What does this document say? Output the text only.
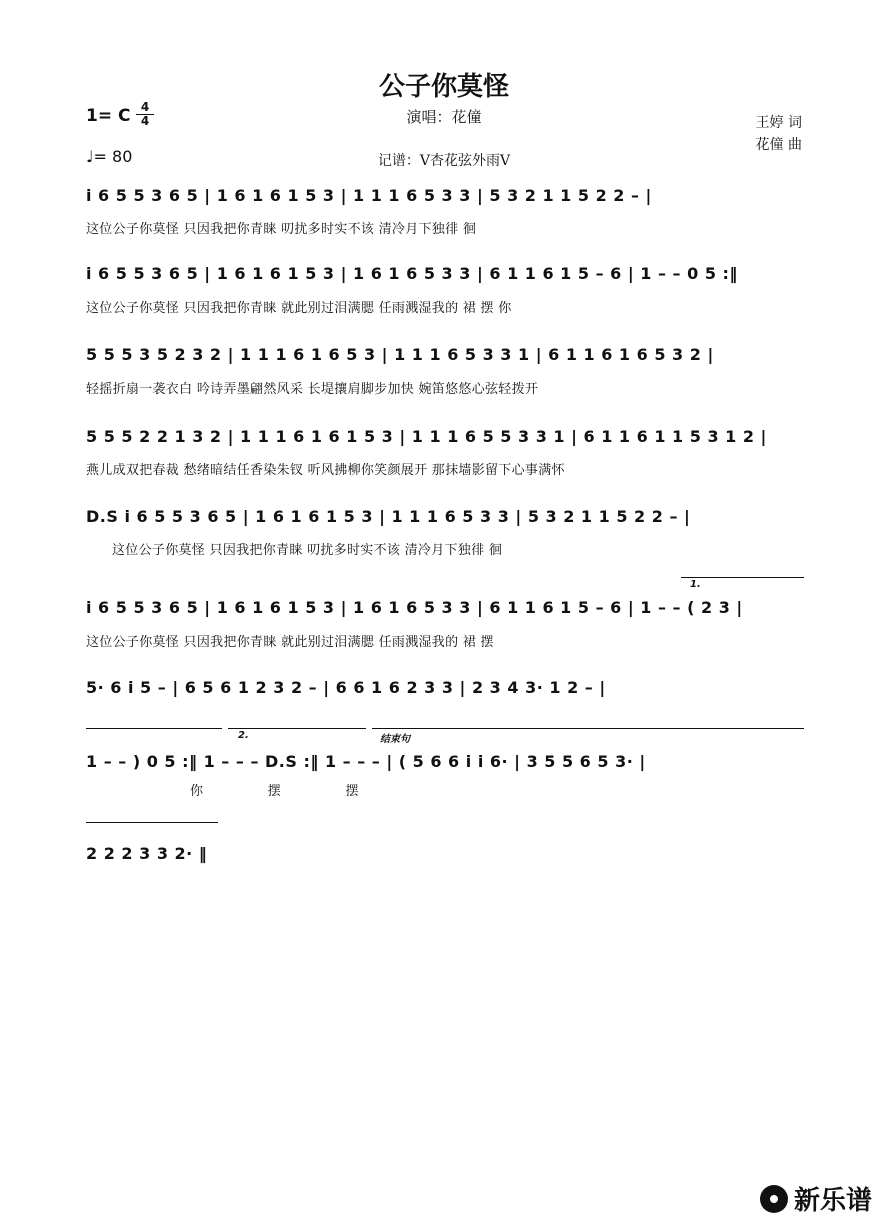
公子你莫怪
1= C 4
4
♩= 80
演唱：花僮
记谱：V杏花弦外雨V
王婷 词
花僮 曲
i 6 5 5 3 6 5 | 1 6 1 6 1 5 3 | 1 1 1 6 5 3 3 | 5 3 2 1 1 5 2 2 – |
这位公子你莫怪 只因我把你青睐 叨扰多时实不该 清冷月下独徘 徊
i 6 5 5 3 6 5 | 1 6 1 6 1 5 3 | 1 6 1 6 5 3 3 | 6 1 1 6 1 5 – 6 | 1 – – 0 5 :‖
这位公子你莫怪 只因我把你青睐 就此别过泪满腮 任雨溅湿我的 裙 摆 你
5 5 5 3 5 2 3 2 | 1 1 1 6 1 6 5 3 | 1 1 1 6 5 3 3 1 | 6 1 1 6 1 6 5 3 2 |
轻摇折扇一袭衣白 吟诗弄墨翩然风采 长堤攘肩脚步加快 婉笛悠悠心弦轻拨开
5 5 5 2 2 1 3 2 | 1 1 1 6 1 6 1 5 3 | 1 1 1 6 5 5 3 3 1 | 6 1 1 6 1 1 5 3 1 2 |
燕儿成双把春裁 愁绪暗结任香染朱钗 听风拂柳你笑颜展开 那抹墙影留下心事满怀
D.S i 6 5 5 3 6 5 | 1 6 1 6 1 5 3 | 1 1 1 6 5 3 3 | 5 3 2 1 1 5 2 2 – |
这位公子你莫怪 只因我把你青睐 叨扰多时实不该 清冷月下独徘 徊
1.
i 6 5 5 3 6 5 | 1 6 1 6 1 5 3 | 1 6 1 6 5 3 3 | 6 1 1 6 1 5 – 6 | 1 – – ( 2 3 |
这位公子你莫怪 只因我把你青睐 就此别过泪满腮 任雨溅湿我的 裙 摆
5· 6 i 5 – | 6 5 6 1 2 3 2 – | 6 6 1 6 2 3 3 | 2 3 4 3· 1 2 – |
2.	结束句
1 – – ) 0 5 :‖ 1 – – – D.S :‖ 1 – – – | ( 5 6 6 i i 6· | 3 5 5 6 5 3· |
你 摆 摆
2 2 2 3 3 2· ‖
新乐谱
